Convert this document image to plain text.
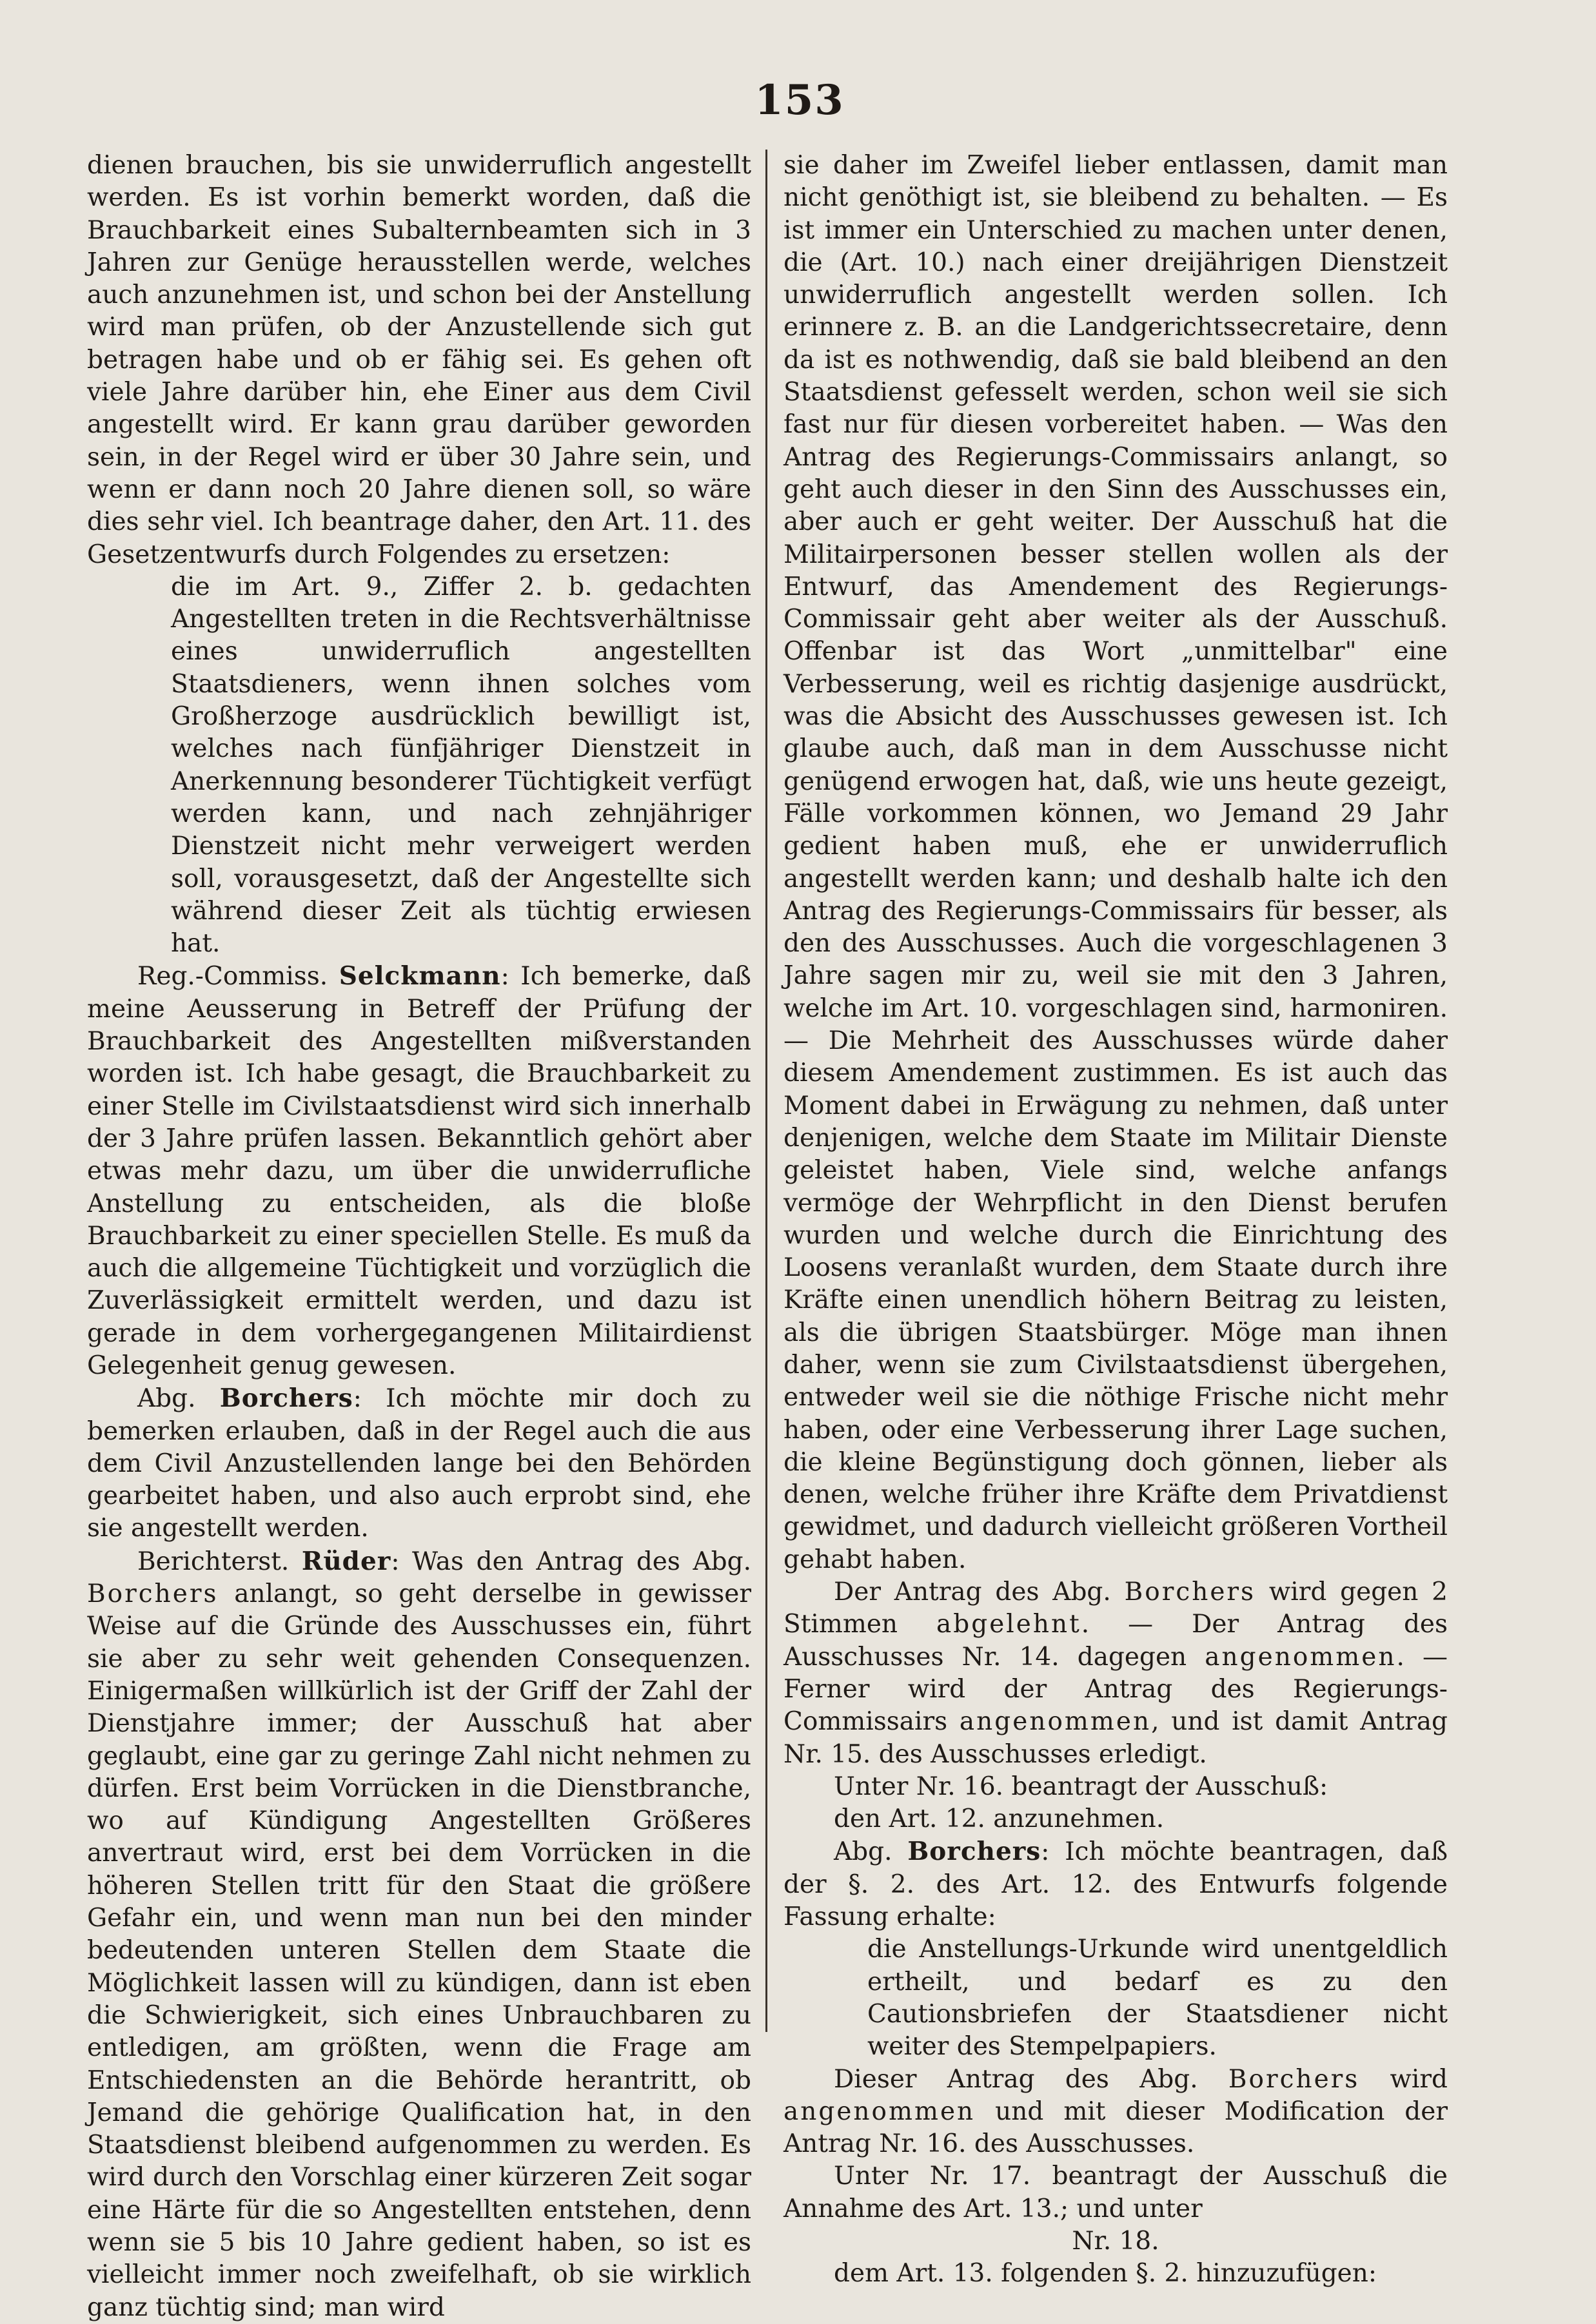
153

dienen brauchen, bis sie unwiderruflich angestellt werden. Es ist vorhin bemerkt worden, daß die Brauchbarkeit eines Subalternbeamten sich in 3 Jahren zur Genüge herausstellen werde, welches auch anzunehmen ist, und schon bei der Anstellung wird man prüfen, ob der Anzustellende sich gut betragen habe und ob er fähig sei. Es gehen oft viele Jahre darüber hin, ehe Einer aus dem Civil angestellt wird. Er kann grau darüber geworden sein, in der Regel wird er über 30 Jahre sein, und wenn er dann noch 20 Jahre dienen soll, so wäre dies sehr viel. Ich beantrage daher, den Art. 11. des Gesetzentwurfs durch Folgendes zu ersetzen:

die im Art. 9., Ziffer 2. b. gedachten Angestellten treten in die Rechtsverhältnisse eines unwiderruflich angestellten Staatsdieners, wenn ihnen solches vom Großherzoge ausdrücklich bewilligt ist, welches nach fünfjähriger Dienstzeit in Anerkennung besonderer Tüchtigkeit verfügt werden kann, und nach zehnjähriger Dienstzeit nicht mehr verweigert werden soll, vorausgesetzt, daß der Angestellte sich während dieser Zeit als tüchtig erwiesen hat.

Reg.-Commiss. Selckmann: Ich bemerke, daß meine Aeusserung in Betreff der Prüfung der Brauchbarkeit des Angestellten mißverstanden worden ist. Ich habe gesagt, die Brauchbarkeit zu einer Stelle im Civilstaatsdienst wird sich innerhalb der 3 Jahre prüfen lassen. Bekanntlich gehört aber etwas mehr dazu, um über die unwiderrufliche Anstellung zu entscheiden, als die bloße Brauchbarkeit zu einer speciellen Stelle. Es muß da auch die allgemeine Tüchtigkeit und vorzüglich die Zuverlässigkeit ermittelt werden, und dazu ist gerade in dem vorhergegangenen Militairdienst Gelegenheit genug gewesen.

Abg. Borchers: Ich möchte mir doch zu bemerken erlauben, daß in der Regel auch die aus dem Civil Anzustellenden lange bei den Behörden gearbeitet haben, und also auch erprobt sind, ehe sie angestellt werden.

Berichterst. Rüder: Was den Antrag des Abg. Borchers anlangt, so geht derselbe in gewisser Weise auf die Gründe des Ausschusses ein, führt sie aber zu sehr weit gehenden Consequenzen. Einigermaßen willkürlich ist der Griff der Zahl der Dienstjahre immer; der Ausschuß hat aber geglaubt, eine gar zu geringe Zahl nicht nehmen zu dürfen. Erst beim Vorrücken in die Dienstbranche, wo auf Kündigung Angestellten Größeres anvertraut wird, erst bei dem Vorrücken in die höheren Stellen tritt für den Staat die größere Gefahr ein, und wenn man nun bei den minder bedeutenden unteren Stellen dem Staate die Möglichkeit lassen will zu kündigen, dann ist eben die Schwierigkeit, sich eines Unbrauchbaren zu entledigen, am größten, wenn die Frage am Entschiedensten an die Behörde herantritt, ob Jemand die gehörige Qualification hat, in den Staatsdienst bleibend aufgenommen zu werden. Es wird durch den Vorschlag einer kürzeren Zeit sogar eine Härte für die so Angestellten entstehen, denn wenn sie 5 bis 10 Jahre gedient haben, so ist es vielleicht immer noch zweifelhaft, ob sie wirklich ganz tüchtig sind; man wird

sie daher im Zweifel lieber entlassen, damit man nicht genöthigt ist, sie bleibend zu behalten. — Es ist immer ein Unterschied zu machen unter denen, die (Art. 10.) nach einer dreijährigen Dienstzeit unwiderruflich angestellt werden sollen. Ich erinnere z. B. an die Landgerichtssecretaire, denn da ist es nothwendig, daß sie bald bleibend an den Staatsdienst gefesselt werden, schon weil sie sich fast nur für diesen vorbereitet haben. — Was den Antrag des Regierungs-Commissairs anlangt, so geht auch dieser in den Sinn des Ausschusses ein, aber auch er geht weiter. Der Ausschuß hat die Militairpersonen besser stellen wollen als der Entwurf, das Amendement des Regierungs-Commissair geht aber weiter als der Ausschuß. Offenbar ist das Wort „unmittelbar" eine Verbesserung, weil es richtig dasjenige ausdrückt, was die Absicht des Ausschusses gewesen ist. Ich glaube auch, daß man in dem Ausschusse nicht genügend erwogen hat, daß, wie uns heute gezeigt, Fälle vorkommen können, wo Jemand 29 Jahr gedient haben muß, ehe er unwiderruflich angestellt werden kann; und deshalb halte ich den Antrag des Regierungs-Commissairs für besser, als den des Ausschusses. Auch die vorgeschlagenen 3 Jahre sagen mir zu, weil sie mit den 3 Jahren, welche im Art. 10. vorgeschlagen sind, harmoniren. — Die Mehrheit des Ausschusses würde daher diesem Amendement zustimmen. Es ist auch das Moment dabei in Erwägung zu nehmen, daß unter denjenigen, welche dem Staate im Militair Dienste geleistet haben, Viele sind, welche anfangs vermöge der Wehrpflicht in den Dienst berufen wurden und welche durch die Einrichtung des Loosens veranlaßt wurden, dem Staate durch ihre Kräfte einen unendlich höhern Beitrag zu leisten, als die übrigen Staatsbürger. Möge man ihnen daher, wenn sie zum Civilstaatsdienst übergehen, entweder weil sie die nöthige Frische nicht mehr haben, oder eine Verbesserung ihrer Lage suchen, die kleine Begünstigung doch gönnen, lieber als denen, welche früher ihre Kräfte dem Privatdienst gewidmet, und dadurch vielleicht größeren Vortheil gehabt haben.

Der Antrag des Abg. Borchers wird gegen 2 Stimmen abgelehnt. — Der Antrag des Ausschusses Nr. 14. dagegen angenommen. — Ferner wird der Antrag des Regierungs-Commissairs angenommen, und ist damit Antrag Nr. 15. des Ausschusses erledigt.

Unter Nr. 16. beantragt der Ausschuß:

den Art. 12. anzunehmen.

Abg. Borchers: Ich möchte beantragen, daß der §. 2. des Art. 12. des Entwurfs folgende Fassung erhalte:

die Anstellungs-Urkunde wird unentgeldlich ertheilt, und bedarf es zu den Cautionsbriefen der Staatsdiener nicht weiter des Stempelpapiers.

Dieser Antrag des Abg. Borchers wird angenommen und mit dieser Modification der Antrag Nr. 16. des Ausschusses.

Unter Nr. 17. beantragt der Ausschuß die Annahme des Art. 13.; und unter

Nr. 18.

dem Art. 13. folgenden §. 2. hinzuzufügen:
